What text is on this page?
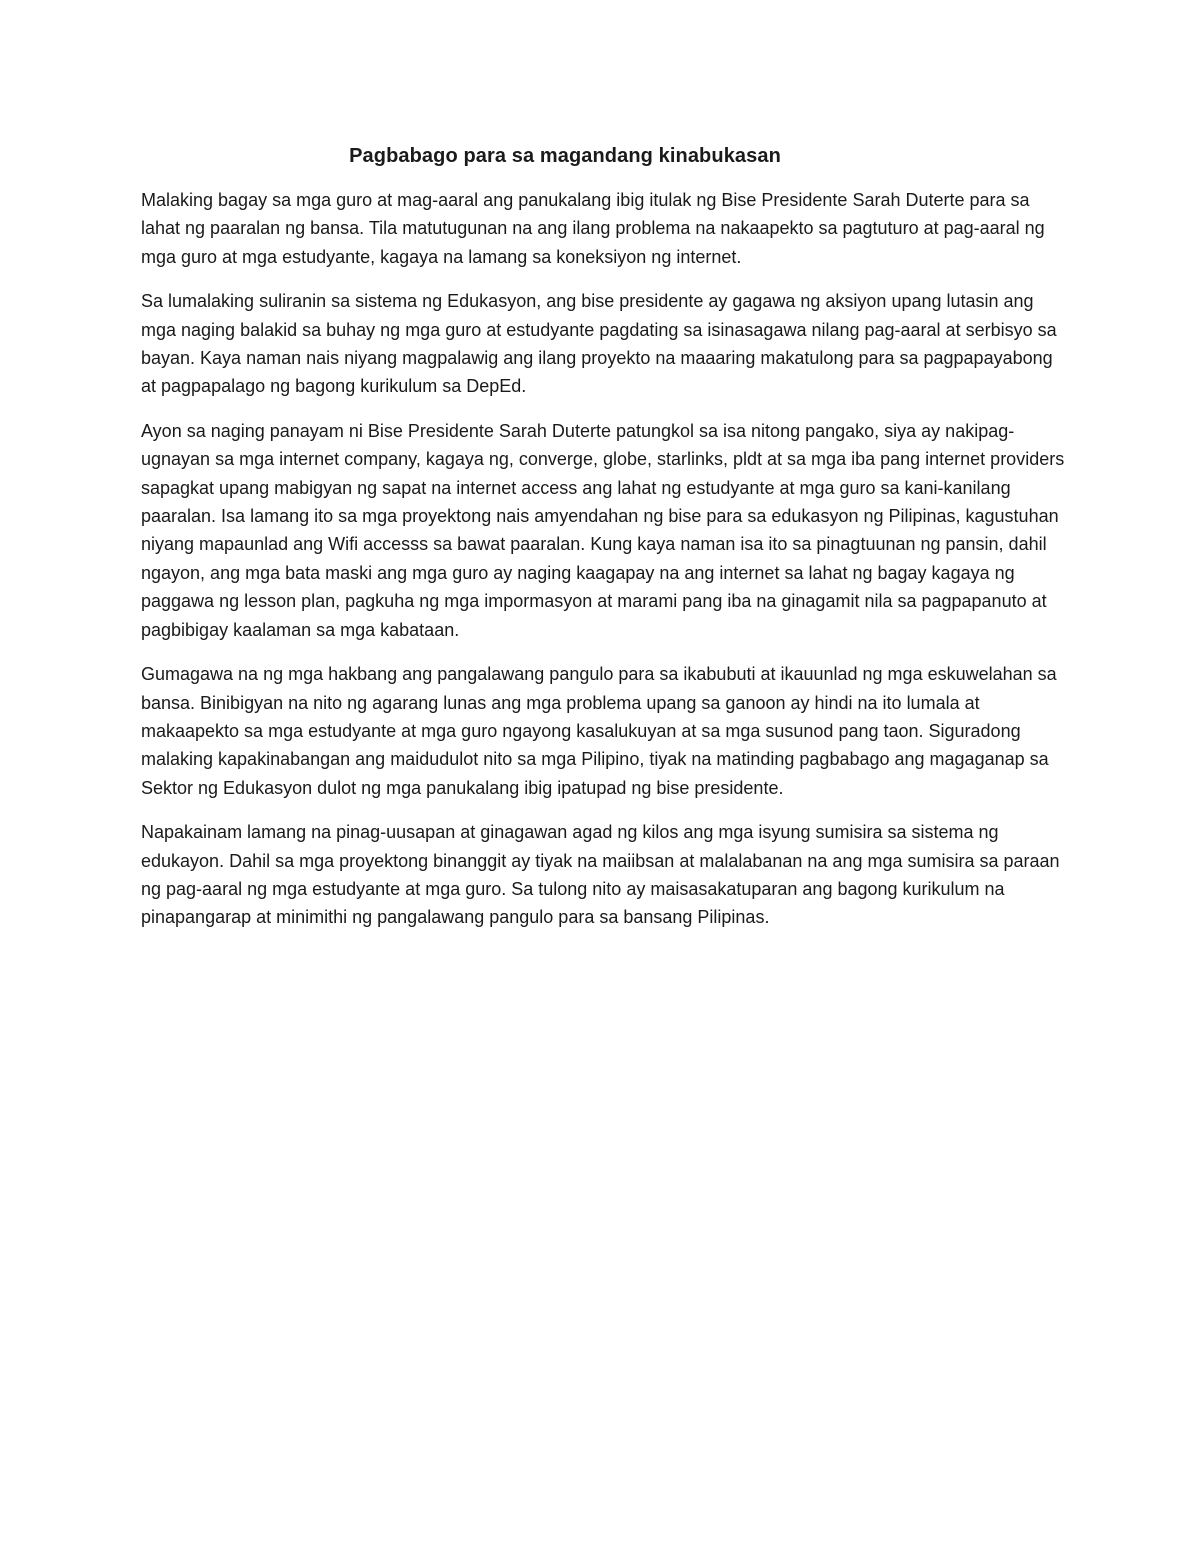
Pagbabago para sa magandang kinabukasan

Malaking bagay sa mga guro at mag-aaral ang panukalang ibig itulak ng Bise Presidente Sarah Duterte para sa lahat ng paaralan ng bansa. Tila matutugunan na ang ilang problema na nakaapekto sa pagtuturo at pag-aaral ng mga guro at mga estudyante, kagaya na lamang sa koneksiyon ng internet.

Sa lumalaking suliranin sa sistema ng Edukasyon, ang bise presidente ay gagawa ng aksiyon upang lutasin ang mga naging balakid sa buhay ng mga guro at estudyante pagdating sa isinasagawa nilang pag-aaral at serbisyo sa bayan. Kaya naman nais niyang magpalawig ang ilang proyekto na maaaring makatulong para sa pagpapayabong at pagpapalago ng bagong kurikulum sa DepEd.

Ayon sa naging panayam ni Bise Presidente Sarah Duterte patungkol sa isa nitong pangako, siya ay nakipag-ugnayan sa mga internet company, kagaya ng, converge, globe, starlinks, pldt at sa mga iba pang internet providers sapagkat upang mabigyan ng sapat na internet access ang lahat ng estudyante at mga guro sa kani-kanilang paaralan. Isa lamang ito sa mga proyektong nais amyendahan ng bise para sa edukasyon ng Pilipinas, kagustuhan niyang mapaunlad ang Wifi accesss sa bawat paaralan. Kung kaya naman isa ito sa pinagtuunan ng pansin, dahil ngayon, ang mga bata maski ang mga guro ay naging kaagapay na ang internet sa lahat ng bagay kagaya ng paggawa ng lesson plan, pagkuha ng mga impormasyon at marami pang iba na ginagamit nila sa pagpapanuto at pagbibigay kaalaman sa mga kabataan.

Gumagawa na ng mga hakbang ang pangalawang pangulo para sa ikabubuti at ikauunlad ng mga eskuwelahan sa bansa. Binibigyan na nito ng agarang lunas ang mga problema upang sa ganoon ay hindi na ito lumala at makaapekto sa mga estudyante at mga guro ngayong kasalukuyan at sa mga susunod pang taon. Siguradong malaking kapakinabangan ang maidudulot nito sa mga Pilipino, tiyak na matinding pagbabago ang magaganap sa Sektor ng Edukasyon dulot ng mga panukalang ibig ipatupad ng bise presidente.

Napakainam lamang na pinag-uusapan at ginagawan agad ng kilos ang mga isyung sumisira sa sistema ng edukayon. Dahil sa mga proyektong binanggit ay tiyak na maiibsan at malalabanan na ang mga sumisira sa paraan ng pag-aaral ng mga estudyante at mga guro. Sa tulong nito ay maisasakatuparan ang bagong kurikulum na pinapangarap at minimithi ng pangalawang pangulo para sa bansang Pilipinas.
